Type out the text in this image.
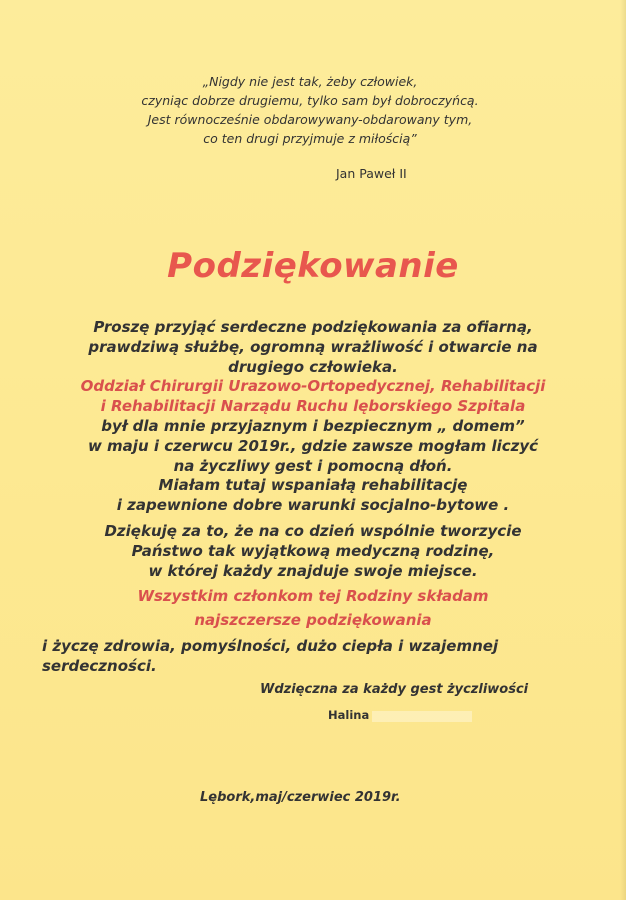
„Nigdy nie jest tak, żeby człowiek,
czyniąc dobrze drugiemu, tylko sam był dobroczyńcą.
Jest równocześnie obdarowywany-obdarowany tym,
co ten drugi przyjmuje z miłością”
Jan Paweł II
Podziękowanie
Proszę przyjąć serdeczne podziękowania za ofiarną,
prawdziwą służbę, ogromną wrażliwość i otwarcie na
drugiego człowieka.
Oddział Chirurgii Urazowo-Ortopedycznej, Rehabilitacji
i Rehabilitacji Narządu Ruchu lęborskiego Szpitala
był dla mnie przyjaznym i bezpiecznym „ domem”
w maju i czerwcu 2019r., gdzie zawsze mogłam liczyć
na życzliwy gest i pomocną dłoń.
Miałam tutaj wspaniałą rehabilitację
i zapewnione dobre warunki socjalno-bytowe .
Dziękuję za to, że na co dzień wspólnie tworzycie
Państwo tak wyjątkową medyczną rodzinę,
w której każdy znajduje swoje miejsce.
Wszystkim członkom tej Rodziny składam
najszczersze podziękowania
i życzę zdrowia, pomyślności, dużo ciepła i wzajemnej
serdeczności.
Wdzięczna za każdy gest życzliwości
Halina
Lębork,maj/czerwiec 2019r.
